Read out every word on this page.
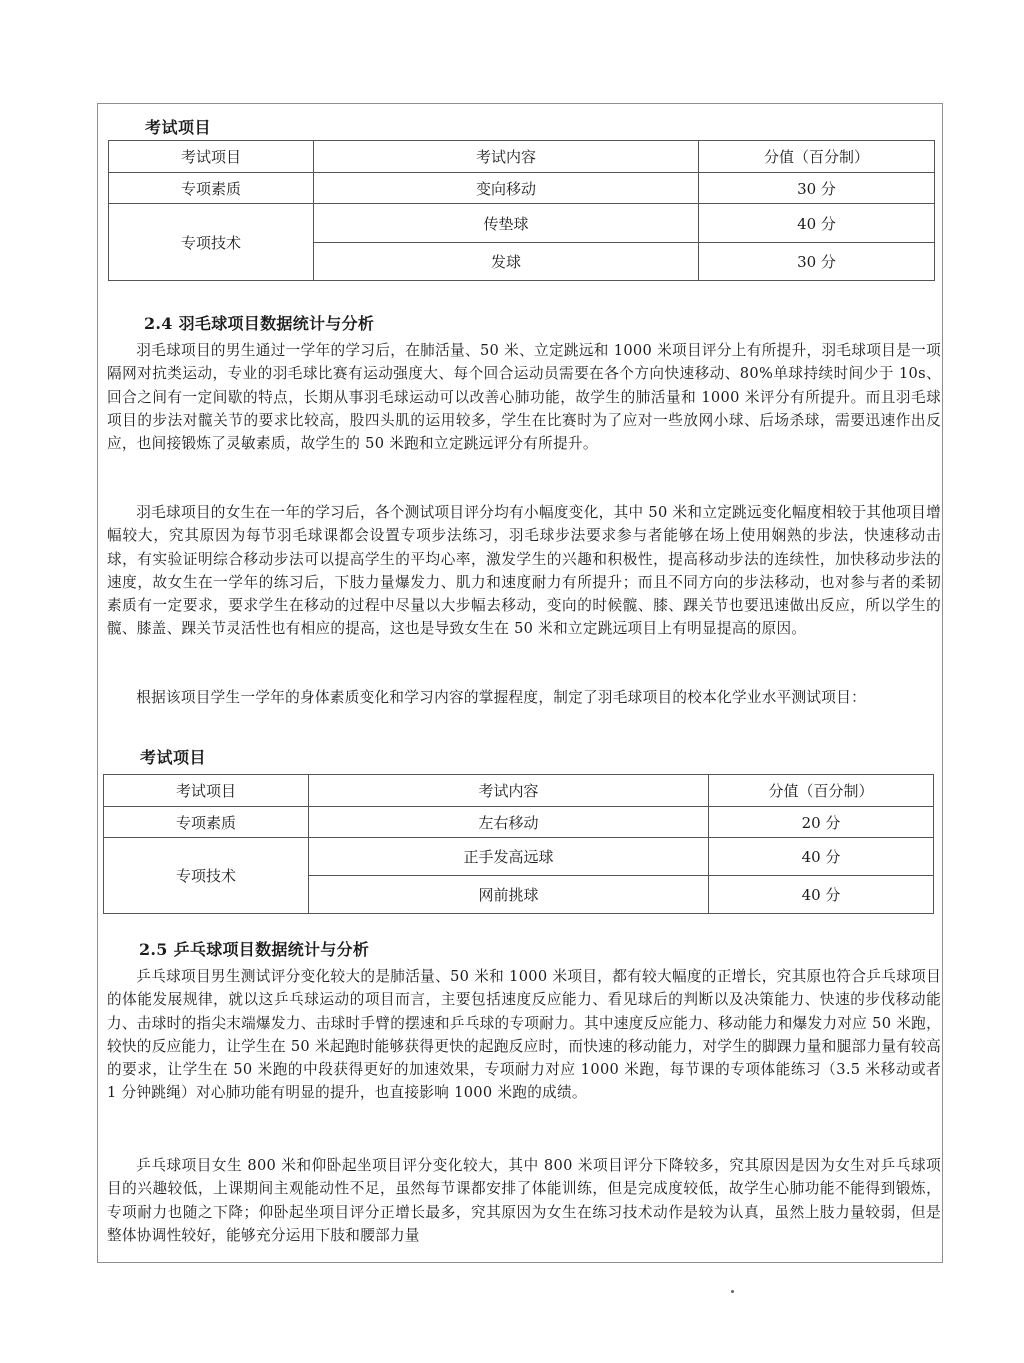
考试项目
考试项目	考试内容	分值（百分制）
专项素质	变向移动	30 分
专项技术	传垫球	40 分
	发球	30 分
2.4 羽毛球项目数据统计与分析

羽毛球项目的男生通过一学年的学习后，在肺活量、50 米、立定跳远和 1000 米项目评分上有所提升，羽毛球项目是一项隔网对抗类运动，专业的羽毛球比赛有运动强度大、每个回合运动员需要在各个方向快速移动、80%单球持续时间少于 10s、回合之间有一定间歇的特点，长期从事羽毛球运动可以改善心肺功能，故学生的肺活量和 1000 米评分有所提升。而且羽毛球项目的步法对髋关节的要求比较高，股四头肌的运用较多，学生在比赛时为了应对一些放网小球、后场杀球，需要迅速作出反应，也间接锻炼了灵敏素质，故学生的 50 米跑和立定跳远评分有所提升。

羽毛球项目的女生在一年的学习后，各个测试项目评分均有小幅度变化，其中 50 米和立定跳远变化幅度相较于其他项目增幅较大，究其原因为每节羽毛球课都会设置专项步法练习，羽毛球步法要求参与者能够在场上使用娴熟的步法，快速移动击球，有实验证明综合移动步法可以提高学生的平均心率，激发学生的兴趣和积极性，提高移动步法的连续性，加快移动步法的速度，故女生在一学年的练习后，下肢力量爆发力、肌力和速度耐力有所提升；而且不同方向的步法移动，也对参与者的柔韧素质有一定要求，要求学生在移动的过程中尽量以大步幅去移动，变向的时候髋、膝、踝关节也要迅速做出反应，所以学生的髋、膝盖、踝关节灵活性也有相应的提高，这也是导致女生在 50 米和立定跳远项目上有明显提高的原因。

根据该项目学生一学年的身体素质变化和学习内容的掌握程度，制定了羽毛球项目的校本化学业水平测试项目：

考试项目
考试项目	考试内容	分值（百分制）
专项素质	左右移动	20 分
专项技术	正手发高远球	40 分
	网前挑球	40 分
2.5 乒乓球项目数据统计与分析

乒乓球项目男生测试评分变化较大的是肺活量、50 米和 1000 米项目，都有较大幅度的正增长，究其原也符合乒乓球项目的体能发展规律，就以这乒乓球运动的项目而言，主要包括速度反应能力、看见球后的判断以及决策能力、快速的步伐移动能力、击球时的指尖末端爆发力、击球时手臂的摆速和乒乓球的专项耐力。其中速度反应能力、移动能力和爆发力对应 50 米跑，较快的反应能力，让学生在 50 米起跑时能够获得更快的起跑反应时，而快速的移动能力，对学生的脚踝力量和腿部力量有较高的要求，让学生在 50 米跑的中段获得更好的加速效果，专项耐力对应 1000 米跑，每节课的专项体能练习（3.5 米移动或者 1 分钟跳绳）对心肺功能有明显的提升，也直接影响 1000 米跑的成绩。

乒乓球项目女生 800 米和仰卧起坐项目评分变化较大，其中 800 米项目评分下降较多，究其原因是因为女生对乒乓球项目的兴趣较低，上课期间主观能动性不足，虽然每节课都安排了体能训练，但是完成度较低，故学生心肺功能不能得到锻炼，专项耐力也随之下降；仰卧起坐项目评分正增长最多，究其原因为女生在练习技术动作是较为认真，虽然上肢力量较弱，但是整体协调性较好，能够充分运用下肢和腰部力量
